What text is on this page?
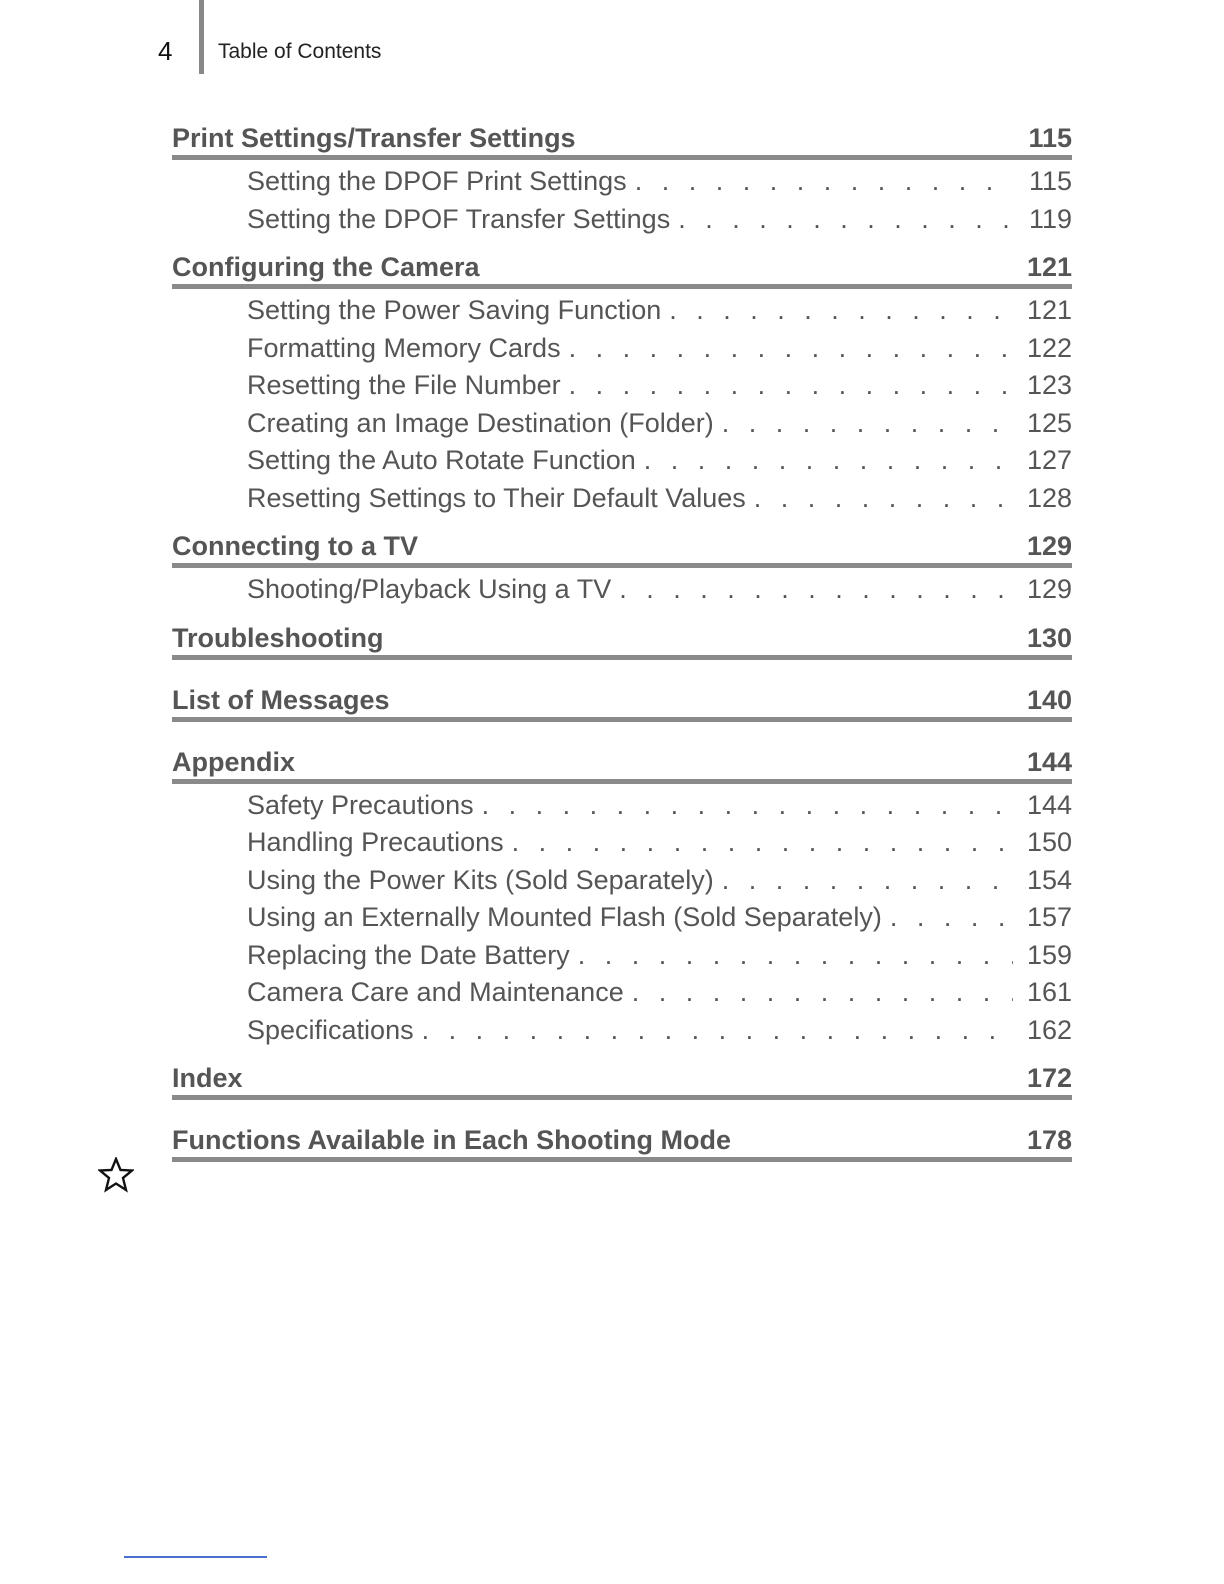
4 Table of Contents
Print Settings/Transfer Settings	115
Setting the DPOF Print Settings . . .	115
Setting the DPOF Transfer Settings . . .	119
Configuring the Camera	121
Setting the Power Saving Function . . .	121
Formatting Memory Cards . . .	122
Resetting the File Number . . .	123
Creating an Image Destination (Folder) . . .	125
Setting the Auto Rotate Function . . .	127
Resetting Settings to Their Default Values . . .	128
Connecting to a TV	129
Shooting/Playback Using a TV . . .	129
Troubleshooting	130
List of Messages	140
Appendix	144
Safety Precautions . . .	144
Handling Precautions . . .	150
Using the Power Kits (Sold Separately) . . .	154
Using an Externally Mounted Flash (Sold Separately) . . .	157
Replacing the Date Battery . . .	159
Camera Care and Maintenance . . .	161
Specifications . . .	162
Index	172
Functions Available in Each Shooting Mode	178
